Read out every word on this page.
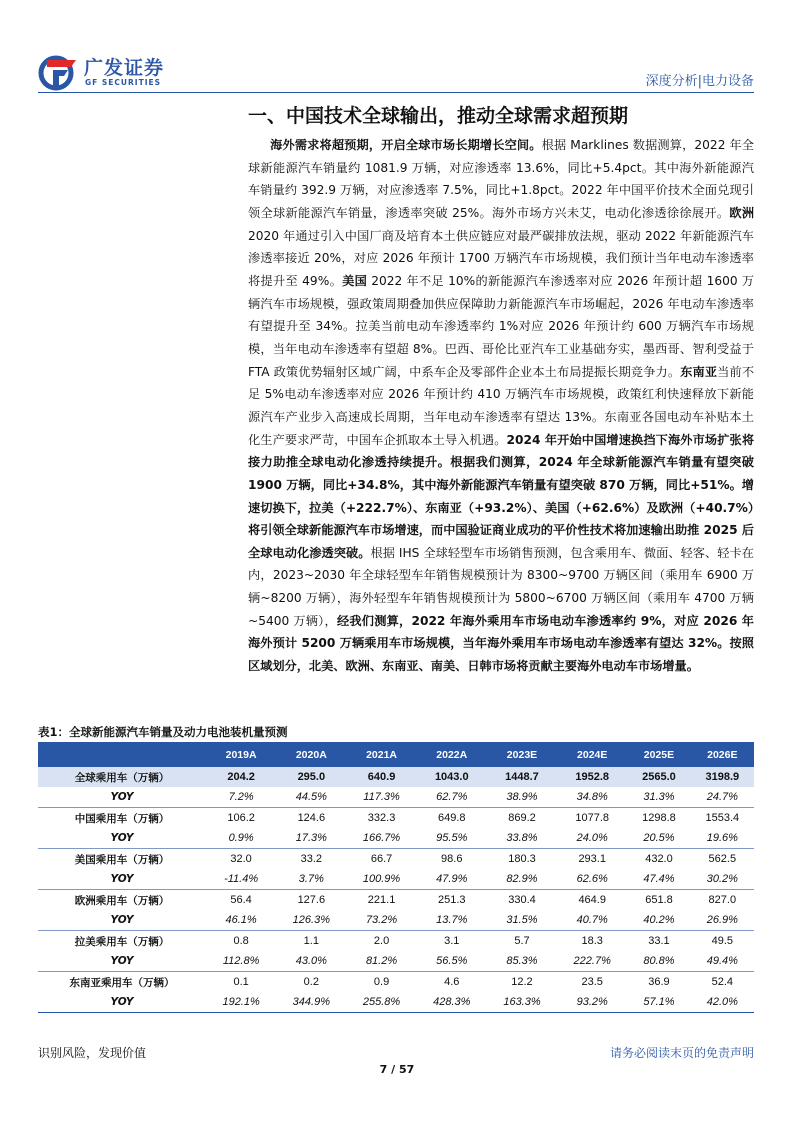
广发证券
GF SECURITIES	深度分析|电力设备
一、中国技术全球输出，推动全球需求超预期
海外需求将超预期，开启全球市场长期增长空间。根据 Marklines 数据测算，2022 年全球新能源汽车销量约 1081.9 万辆，对应渗透率 13.6%，同比+5.4pct。其中海外新能源汽车销量约 392.9 万辆，对应渗透率 7.5%，同比+1.8pct。2022 年中国平价技术全面兑现引领全球新能源汽车销量，渗透率突破 25%。海外市场方兴未艾，电动化渗透徐徐展开。欧洲 2020 年通过引入中国厂商及培育本土供应链应对最严碳排放法规，驱动 2022 年新能源汽车渗透率接近 20%，对应 2026 年预计 1700 万辆汽车市场规模，我们预计当年电动车渗透率将提升至 49%。美国 2022 年不足 10%的新能源汽车渗透率对应 2026 年预计超 1600 万辆汽车市场规模，强政策周期叠加供应保障助力新能源汽车市场崛起，2026 年电动车渗透率有望提升至 34%。拉美当前电动车渗透率约 1%对应 2026 年预计约 600 万辆汽车市场规模，当年电动车渗透率有望超 8%。巴西、哥伦比亚汽车工业基础夯实，墨西哥、智利受益于 FTA 政策优势辐射区域广阔，中系车企及零部件企业本土布局提振长期竞争力。东南亚当前不足 5%电动车渗透率对应 2026 年预计约 410 万辆汽车市场规模，政策红利快速释放下新能源汽车产业步入高速成长周期，当年电动车渗透率有望达 13%。东南亚各国电动车补贴本土化生产要求严苛，中国车企抓取本土导入机遇。2024 年开始中国增速换挡下海外市场扩张将接力助推全球电动化渗透持续提升。根据我们测算，2024 年全球新能源汽车销量有望突破 1900 万辆，同比+34.8%，其中海外新能源汽车销量有望突破 870 万辆，同比+51%。增速切换下，拉美（+222.7%）、东南亚（+93.2%）、美国（+62.6%）及欧洲（+40.7%）将引领全球新能源汽车市场增速，而中国验证商业成功的平价性技术将加速输出助推 2025 后全球电动化渗透突破。根据 IHS 全球轻型车市场销售预测，包含乘用车、微面、轻客、轻卡在内，2023~2030 年全球轻型车年销售规模预计为 8300~9700 万辆区间（乘用车 6900 万辆~8200 万辆），海外轻型车年销售规模预计为 5800~6700 万辆区间（乘用车 4700 万辆~5400 万辆），经我们测算，2022 年海外乘用车市场电动车渗透率约 9%，对应 2026 年海外预计 5200 万辆乘用车市场规模，当年海外乘用车市场电动车渗透率有望达 32%。按照区域划分，北美、欧洲、东南亚、南美、日韩市场将贡献主要海外电动车市场增量。
表1：全球新能源汽车销量及动力电池装机量预测
	2019A	2020A	2021A	2022A	2023E	2024E	2025E	2026E
全球乘用车（万辆）	204.2	295.0	640.9	1043.0	1448.7	1952.8	2565.0	3198.9
YOY	7.2%	44.5%	117.3%	62.7%	38.9%	34.8%	31.3%	24.7%
中国乘用车（万辆）	106.2	124.6	332.3	649.8	869.2	1077.8	1298.8	1553.4
YOY	0.9%	17.3%	166.7%	95.5%	33.8%	24.0%	20.5%	19.6%
美国乘用车（万辆）	32.0	33.2	66.7	98.6	180.3	293.1	432.0	562.5
YOY	-11.4%	3.7%	100.9%	47.9%	82.9%	62.6%	47.4%	30.2%
欧洲乘用车（万辆）	56.4	127.6	221.1	251.3	330.4	464.9	651.8	827.0
YOY	46.1%	126.3%	73.2%	13.7%	31.5%	40.7%	40.2%	26.9%
拉美乘用车（万辆）	0.8	1.1	2.0	3.1	5.7	18.3	33.1	49.5
YOY	112.8%	43.0%	81.2%	56.5%	85.3%	222.7%	80.8%	49.4%
东南亚乘用车（万辆）	0.1	0.2	0.9	4.6	12.2	23.5	36.9	52.4
YOY	192.1%	344.9%	255.8%	428.3%	163.3%	93.2%	57.1%	42.0%
识别风险，发现价值	请务必阅读末页的免责声明
7 / 57
